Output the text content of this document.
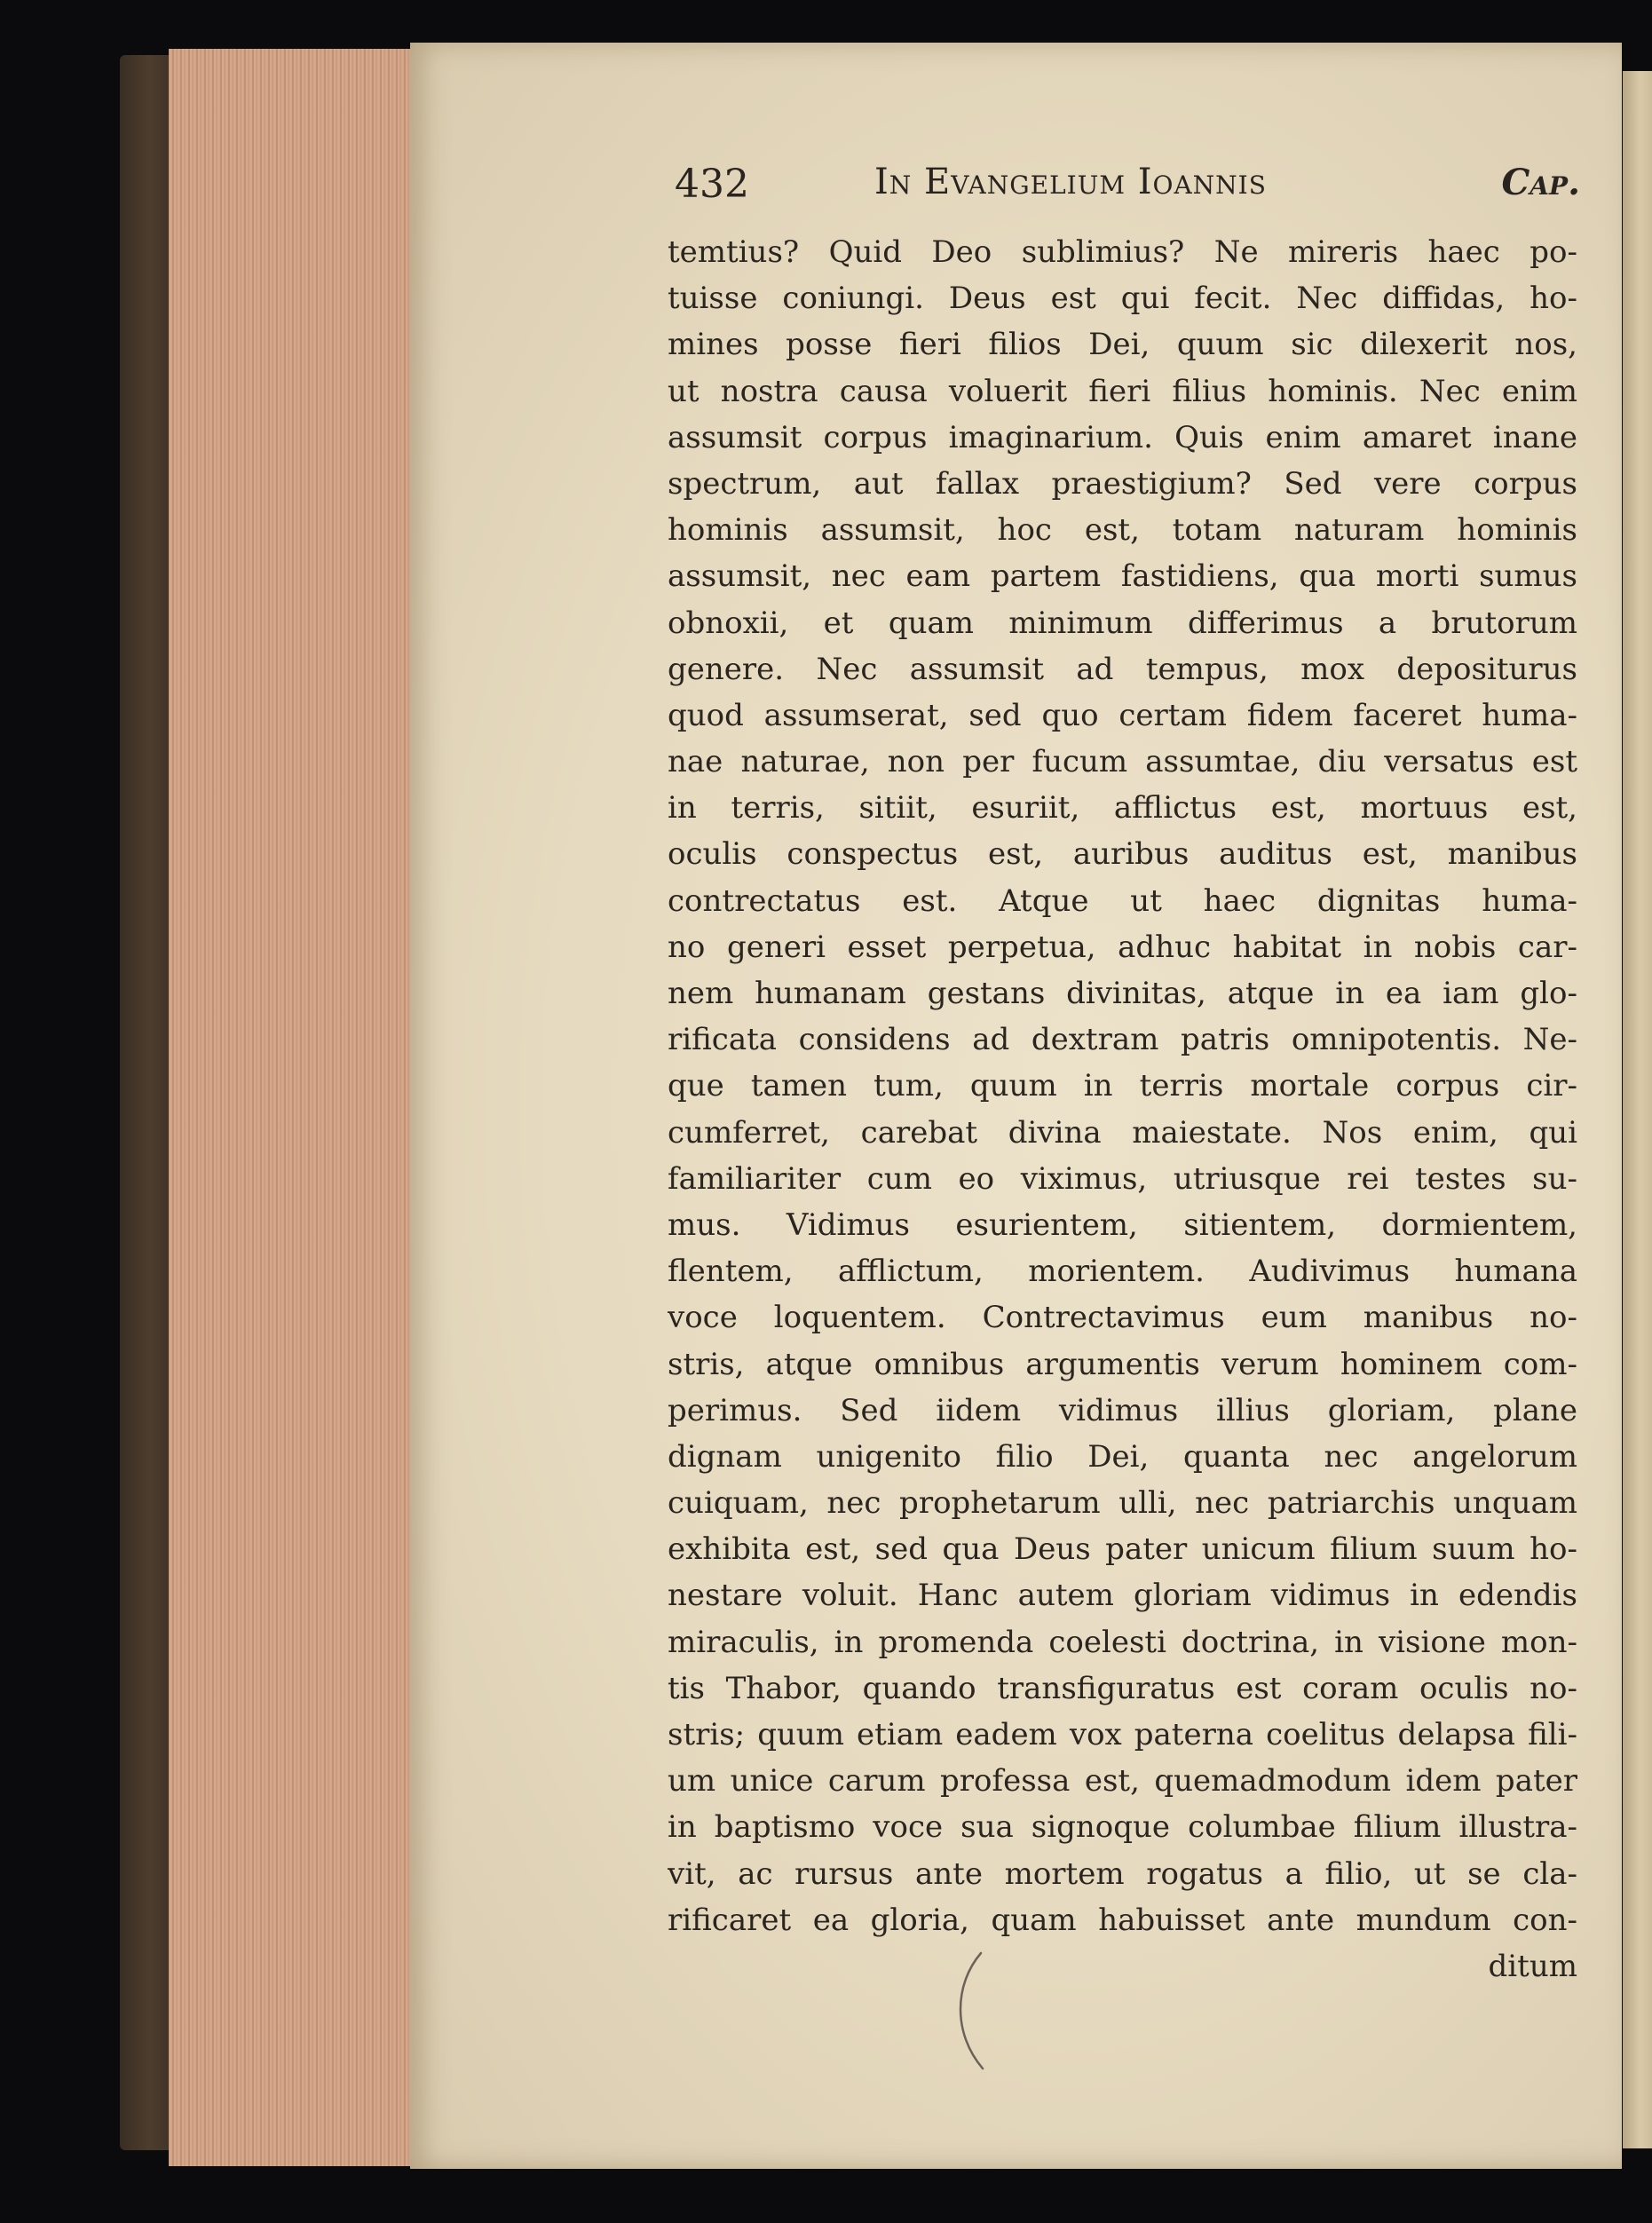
432	In Evangelium Ioannis	Cap.
temtius? Quid Deo sublimius? Ne mireris haec po-
tuisse coniungi. Deus est qui fecit. Nec diffidas, ho-
mines posse fieri filios Dei, quum sic dilexerit nos,
ut nostra causa voluerit fieri filius hominis. Nec enim
assumsit corpus imaginarium. Quis enim amaret inane
spectrum, aut fallax praestigium? Sed vere corpus
hominis assumsit, hoc est, totam naturam hominis
assumsit, nec eam partem fastidiens, qua morti sumus
obnoxii, et quam minimum differimus a brutorum
genere. Nec assumsit ad tempus, mox depositurus
quod assumserat, sed quo certam fidem faceret huma-
nae naturae, non per fucum assumtae, diu versatus est
in terris, sitiit, esuriit, afflictus est, mortuus est,
oculis conspectus est, auribus auditus est, manibus
contrectatus est. Atque ut haec dignitas huma-
no generi esset perpetua, adhuc habitat in nobis car-
nem humanam gestans divinitas, atque in ea iam glo-
rificata considens ad dextram patris omnipotentis. Ne-
que tamen tum, quum in terris mortale corpus cir-
cumferret, carebat divina maiestate. Nos enim, qui
familiariter cum eo viximus, utriusque rei testes su-
mus. Vidimus esurientem, sitientem, dormientem,
flentem, afflictum, morientem. Audivimus humana
voce loquentem. Contrectavimus eum manibus no-
stris, atque omnibus argumentis verum hominem com-
perimus. Sed iidem vidimus illius gloriam, plane
dignam unigenito filio Dei, quanta nec angelorum
cuiquam, nec prophetarum ulli, nec patriarchis unquam
exhibita est, sed qua Deus pater unicum filium suum ho-
nestare voluit. Hanc autem gloriam vidimus in edendis
miraculis, in promenda coelesti doctrina, in visione mon-
tis Thabor, quando transfiguratus est coram oculis no-
stris; quum etiam eadem vox paterna coelitus delapsa fili-
um unice carum professa est, quemadmodum idem pater
in baptismo voce sua signoque columbae filium illustra-
vit, ac rursus ante mortem rogatus a filio, ut se cla-
rificaret ea gloria, quam habuisset ante mundum con-
ditum
